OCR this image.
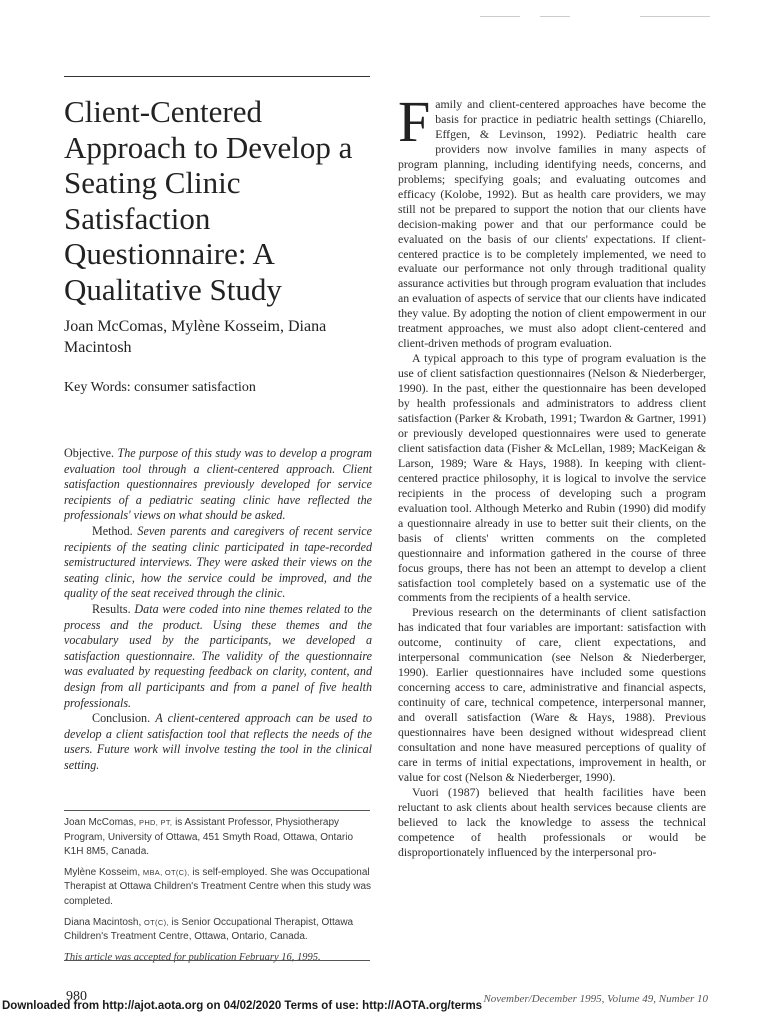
Client-Centered Approach to Develop a Seating Clinic Satisfaction Questionnaire: A Qualitative Study

Joan McComas, Mylène Kosseim, Diana Macintosh

Key Words: consumer satisfaction

Objective. The purpose of this study was to develop a program evaluation tool through a client-centered approach. Client satisfaction questionnaires previously developed for service recipients of a pediatric seating clinic have reflected the professionals' views on what should be asked.

Method. Seven parents and caregivers of recent service recipients of the seating clinic participated in tape-recorded semistructured interviews. They were asked their views on the seating clinic, how the service could be improved, and the quality of the seat received through the clinic.

Results. Data were coded into nine themes related to the process and the product. Using these themes and the vocabulary used by the participants, we developed a satisfaction questionnaire. The validity of the questionnaire was evaluated by requesting feedback on clarity, content, and design from all participants and from a panel of five health professionals.

Conclusion. A client-centered approach can be used to develop a client satisfaction tool that reflects the needs of the users. Future work will involve testing the tool in the clinical setting.

Joan McComas, PHD, PT, is Assistant Professor, Physiotherapy Program, University of Ottawa, 451 Smyth Road, Ottawa, Ontario K1H 8M5, Canada.

Mylène Kosseim, MBA, OT(C), is self-employed. She was Occupational Therapist at Ottawa Children's Treatment Centre when this study was completed.

Diana Macintosh, OT(C), is Senior Occupational Therapist, Ottawa Children's Treatment Centre, Ottawa, Ontario, Canada.

This article was accepted for publication February 16, 1995.

Family and client-centered approaches have become the basis for practice in pediatric health settings (Chiarello, Effgen, & Levinson, 1992). Pediatric health care providers now involve families in many aspects of program planning, including identifying needs, concerns, and problems; specifying goals; and evaluating outcomes and efficacy (Kolobe, 1992). But as health care providers, we may still not be prepared to support the notion that our clients have decision-making power and that our performance could be evaluated on the basis of our clients' expectations. If client-centered practice is to be completely implemented, we need to evaluate our performance not only through traditional quality assurance activities but through program evaluation that includes an evaluation of aspects of service that our clients have indicated they value. By adopting the notion of client empowerment in our treatment approaches, we must also adopt client-centered and client-driven methods of program evaluation.

A typical approach to this type of program evaluation is the use of client satisfaction questionnaires (Nelson & Niederberger, 1990). In the past, either the questionnaire has been developed by health professionals and administrators to address client satisfaction (Parker & Krobath, 1991; Twardon & Gartner, 1991) or previously developed questionnaires were used to generate client satisfaction data (Fisher & McLellan, 1989; MacKeigan & Larson, 1989; Ware & Hays, 1988). In keeping with client-centered practice philosophy, it is logical to involve the service recipients in the process of developing such a program evaluation tool. Although Meterko and Rubin (1990) did modify a questionnaire already in use to better suit their clients, on the basis of clients' written comments on the completed questionnaire and information gathered in the course of three focus groups, there has not been an attempt to develop a client satisfaction tool completely based on a systematic use of the comments from the recipients of a health service.

Previous research on the determinants of client satisfaction has indicated that four variables are important: satisfaction with outcome, continuity of care, client expectations, and interpersonal communication (see Nelson & Niederberger, 1990). Earlier questionnaires have included some questions concerning access to care, administrative and financial aspects, continuity of care, technical competence, interpersonal manner, and overall satisfaction (Ware & Hays, 1988). Previous questionnaires have been designed without widespread client consultation and none have measured perceptions of quality of care in terms of initial expectations, improvement in health, or value for cost (Nelson & Niederberger, 1990).

Vuori (1987) believed that health facilities have been reluctant to ask clients about health services because clients are believed to lack the knowledge to assess the technical competence of health professionals or would be disproportionately influenced by the interpersonal pro-

980	November/December 1995, Volume 49, Number 10
Downloaded from http://ajot.aota.org on 04/02/2020 Terms of use: http://AOTA.org/terms
